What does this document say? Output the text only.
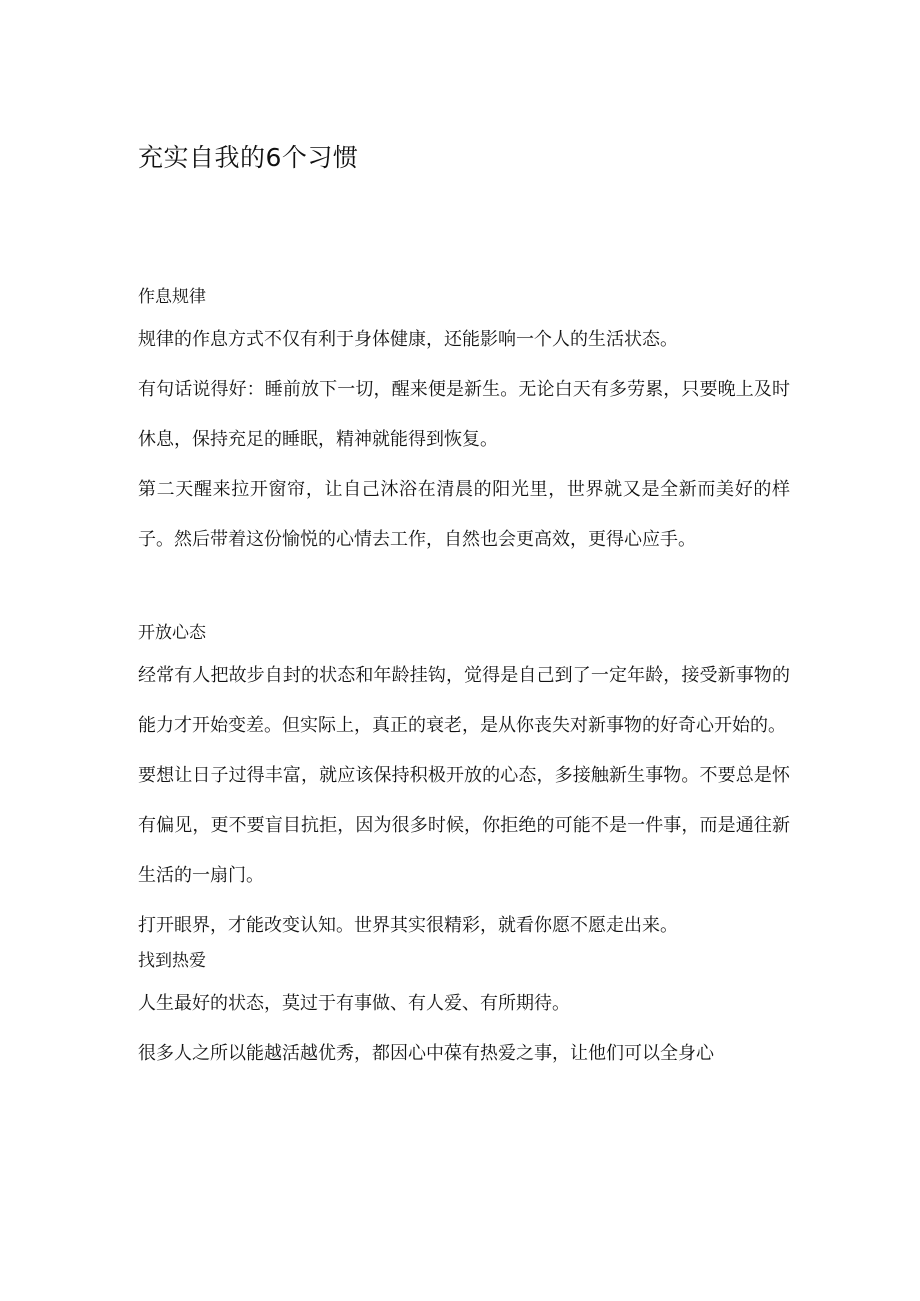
充实自我的6个习惯
作息规律

规律的作息方式不仅有利于身体健康，还能影响一个人的生活状态。

有句话说得好：睡前放下一切，醒来便是新生。无论白天有多劳累，只要晚上及时休息，保持充足的睡眠，精神就能得到恢复。

第二天醒来拉开窗帘，让自己沐浴在清晨的阳光里，世界就又是全新而美好的样子。然后带着这份愉悦的心情去工作，自然也会更高效，更得心应手。

开放心态

经常有人把故步自封的状态和年龄挂钩，觉得是自己到了一定年龄，接受新事物的能力才开始变差。但实际上，真正的衰老，是从你丧失对新事物的好奇心开始的。

要想让日子过得丰富，就应该保持积极开放的心态，多接触新生事物。不要总是怀有偏见，更不要盲目抗拒，因为很多时候，你拒绝的可能不是一件事，而是通往新生活的一扇门。

打开眼界，才能改变认知。世界其实很精彩，就看你愿不愿走出来。

找到热爱

人生最好的状态，莫过于有事做、有人爱、有所期待。

很多人之所以能越活越优秀，都因心中葆有热爱之事，让他们可以全身心
